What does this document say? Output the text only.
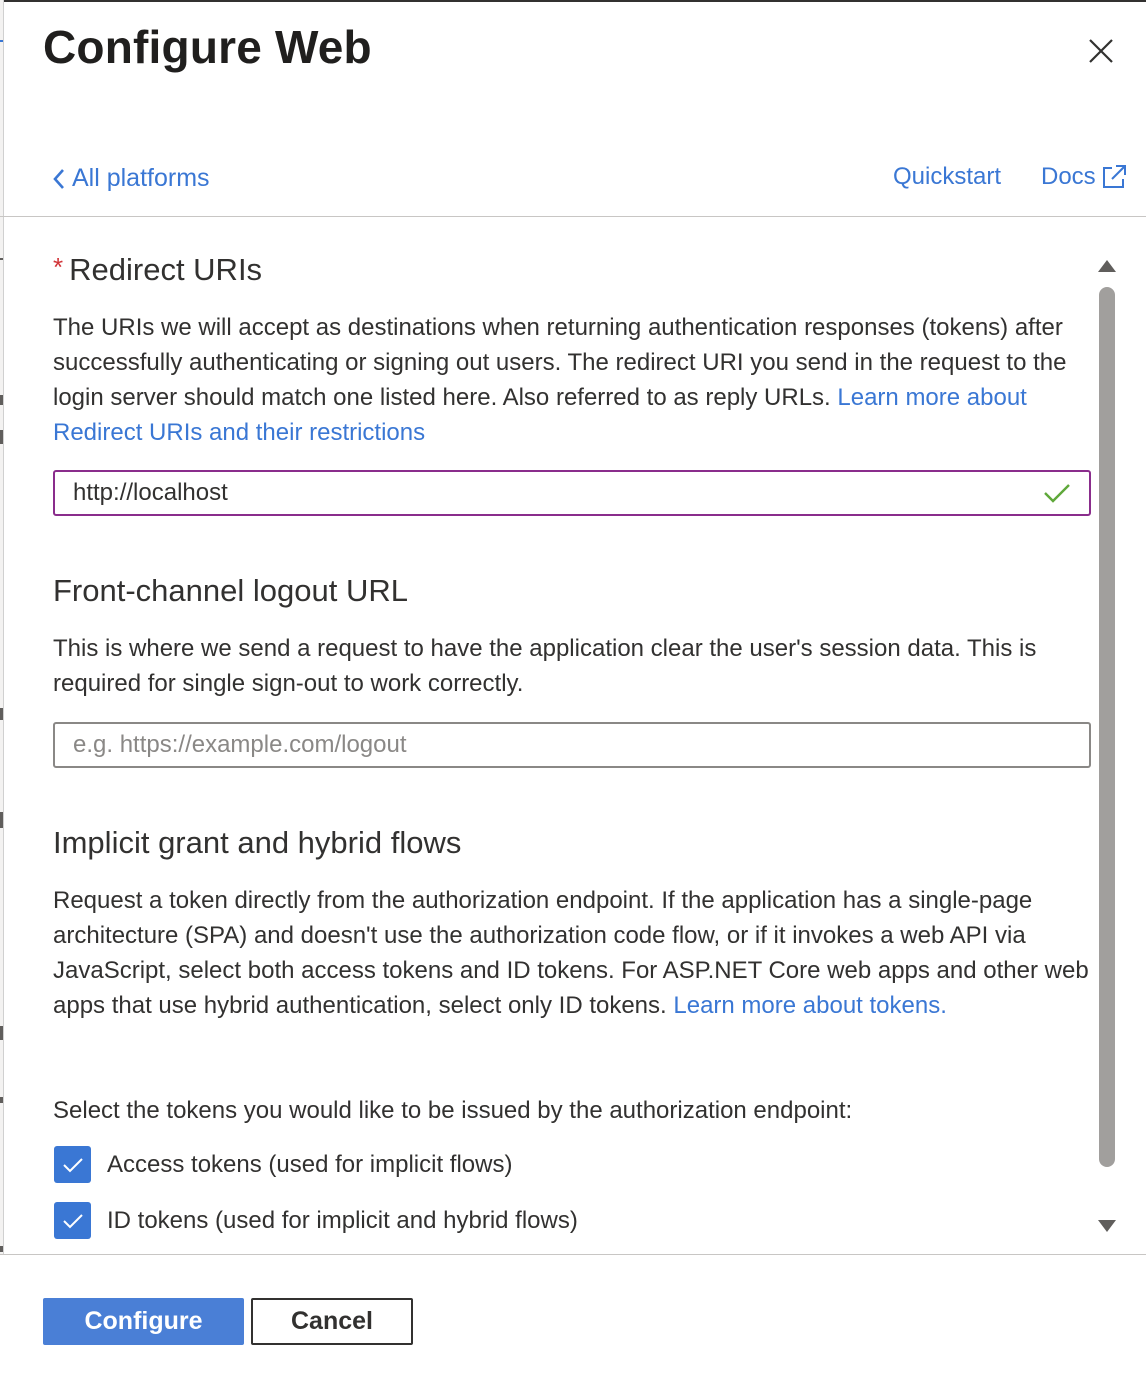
Configure Web
All platforms	Quickstart Docs
* Redirect URIs

The URIs we will accept as destinations when returning authentication responses (tokens) after successfully authenticating or signing out users. The redirect URI you send in the request to the login server should match one listed here. Also referred to as reply URLs. Learn more about Redirect URIs and their restrictions

http://localhost
Front-channel logout URL

This is where we send a request to have the application clear the user's session data. This is required for single sign-out to work correctly.

e.g. https://example.com/logout
Implicit grant and hybrid flows

Request a token directly from the authorization endpoint. If the application has a single-page architecture (SPA) and doesn't use the authorization code flow, or if it invokes a web API via JavaScript, select both access tokens and ID tokens. For ASP.NET Core web apps and other web apps that use hybrid authentication, select only ID tokens. Learn more about tokens.

Select the tokens you would like to be issued by the authorization endpoint:

Access tokens (used for implicit flows)
ID tokens (used for implicit and hybrid flows)
Configure	Cancel
